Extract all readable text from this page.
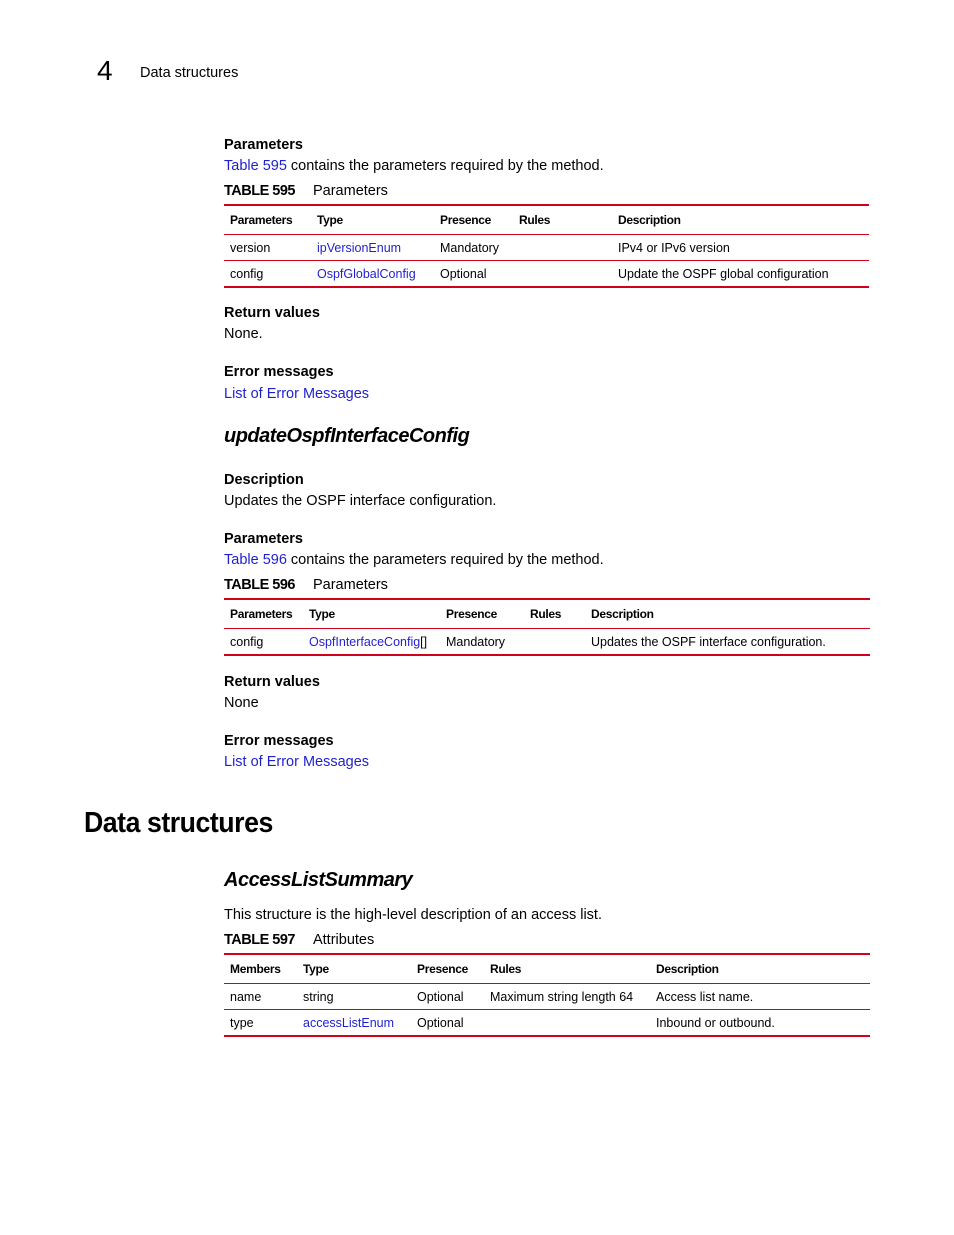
4 Data structures
Parameters
Table 595 contains the parameters required by the method.
TABLE 595 Parameters
Parameters	Type	Presence	Rules	Description
version	ipVersionEnum	Mandatory		IPv4 or IPv6 version
config	OspfGlobalConfig	Optional		Update the OSPF global configuration
Return values
None.
Error messages
List of Error Messages
updateOspfInterfaceConfig
Description
Updates the OSPF interface configuration.
Parameters
Table 596 contains the parameters required by the method.
TABLE 596 Parameters
Parameters	Type	Presence	Rules	Description
config	OspfInterfaceConfig[]	Mandatory		Updates the OSPF interface configuration.
Return values
None
Error messages
List of Error Messages
Data structures
AccessListSummary
This structure is the high-level description of an access list.
TABLE 597 Attributes
Members	Type	Presence	Rules	Description
name	string	Optional	Maximum string length 64	Access list name.
type	accessListEnum	Optional		Inbound or outbound.
